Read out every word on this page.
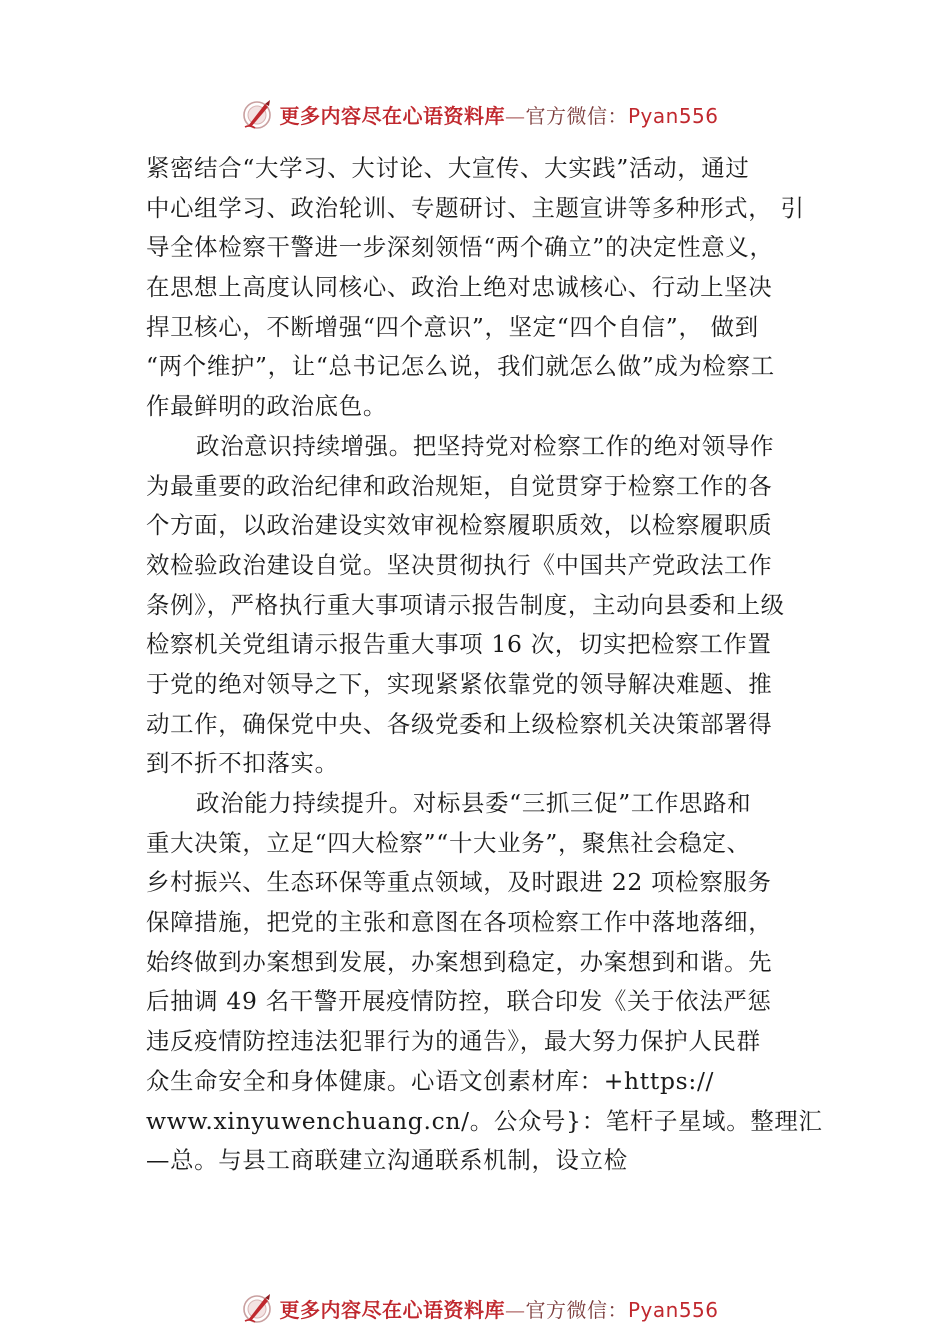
更多内容尽在心语资料库—官方微信：Pyan556
紧密结合“大学习、大讨论、大宣传、大实践”活动，通过
中心组学习、政治轮训、专题研讨、主题宣讲等多种形式， 引
导全体检察干警进一步深刻领悟“两个确立”的决定性意义，
在思想上高度认同核心、政治上绝对忠诚核心、行动上坚决
捍卫核心，不断增强“四个意识”，坚定“四个自信”， 做到
“两个维护”，让“总书记怎么说，我们就怎么做”成为检察工
作最鲜明的政治底色。
政治意识持续增强。把坚持党对检察工作的绝对领导作
为最重要的政治纪律和政治规矩，自觉贯穿于检察工作的各
个方面，以政治建设实效审视检察履职质效，以检察履职质
效检验政治建设自觉。坚决贯彻执行《中国共产党政法工作
条例》，严格执行重大事项请示报告制度，主动向县委和上级
检察机关党组请示报告重大事项 16 次，切实把检察工作置
于党的绝对领导之下，实现紧紧依靠党的领导解决难题、推
动工作，确保党中央、各级党委和上级检察机关决策部署得
到不折不扣落实。
政治能力持续提升。对标县委“三抓三促”工作思路和
重大决策，立足“四大检察”“十大业务”，聚焦社会稳定、
乡村振兴、生态环保等重点领域，及时跟进 22 项检察服务
保障措施，把党的主张和意图在各项检察工作中落地落细，
始终做到办案想到发展，办案想到稳定，办案想到和谐。先
后抽调 49 名干警开展疫情防控，联合印发《关于依法严惩
违反疫情防控违法犯罪行为的通告》，最大努力保护人民群
众生命安全和身体健康。心语文创素材库：+https://
www.xinyuwenchuang.cn/。公众号}：笔杆子星域。整理汇
—总。与县工商联建立沟通联系机制，设立检
更多内容尽在心语资料库—官方微信：Pyan556
